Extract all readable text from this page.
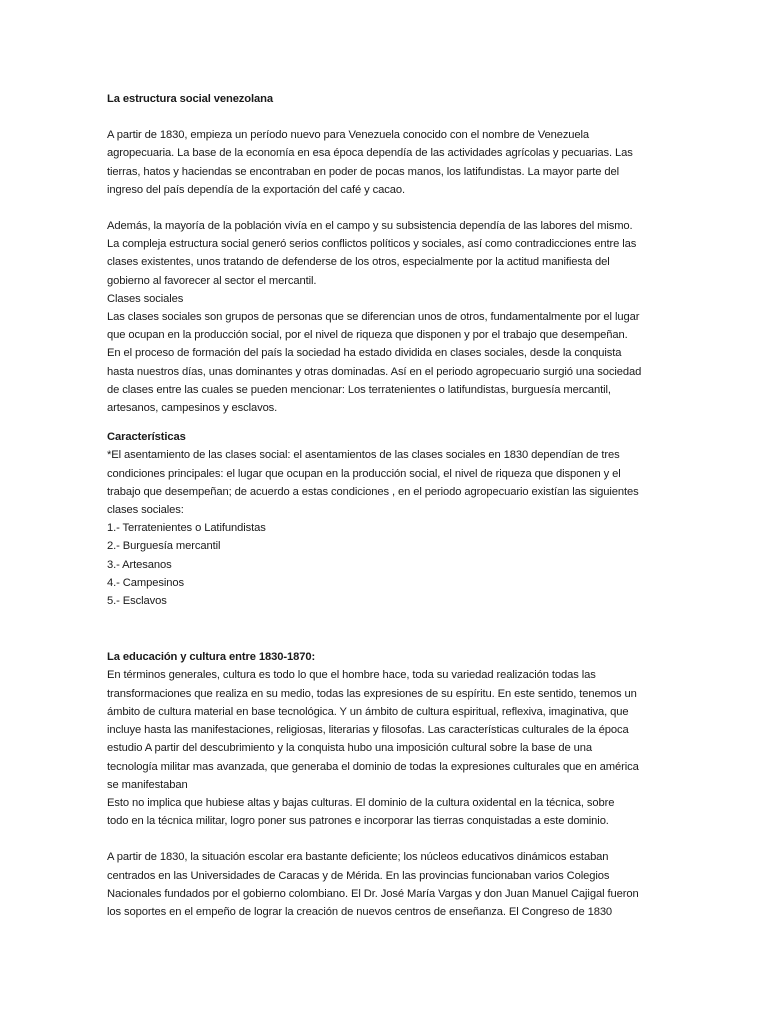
La estructura social venezolana
A partir de 1830, empieza un período nuevo para Venezuela conocido con el nombre de Venezuela
agropecuaria. La base de la economía en esa época dependía de las actividades agrícolas y pecuarias. Las
tierras, hatos y haciendas se encontraban en poder de pocas manos, los latifundistas. La mayor parte del
ingreso del país dependía de la exportación del café y cacao.
Además, la mayoría de la población vivía en el campo y su subsistencia dependía de las labores del mismo.
La compleja estructura social generó serios conflictos políticos y sociales, así como contradicciones entre las
clases existentes, unos tratando de defenderse de los otros, especialmente por la actitud manifiesta del
gobierno al favorecer al sector el mercantil.
Clases sociales
Las clases sociales son grupos de personas que se diferencian unos de otros, fundamentalmente por el lugar
que ocupan en la producción social, por el nivel de riqueza que disponen y por el trabajo que desempeñan.
En el proceso de formación del país la sociedad ha estado dividida en clases sociales, desde la conquista
hasta nuestros días, unas dominantes y otras dominadas. Así en el periodo agropecuario surgió una sociedad
de clases entre las cuales se pueden mencionar: Los terratenientes o latifundistas, burguesía mercantil,
artesanos, campesinos y esclavos.
Características
*El asentamiento de las clases social: el asentamientos de las clases sociales en 1830 dependían de tres
condiciones principales: el lugar que ocupan en la producción social, el nivel de riqueza que disponen y el
trabajo que desempeñan; de acuerdo a estas condiciones , en el periodo agropecuario existían las siguientes
clases sociales:
1.- Terratenientes o Latifundistas
2.- Burguesía mercantil
3.- Artesanos
4.- Campesinos
5.- Esclavos
La educación y cultura entre 1830-1870:
En términos generales, cultura es todo lo que el hombre hace, toda su variedad realización todas las
transformaciones que realiza en su medio, todas las expresiones de su espíritu. En este sentido, tenemos un
ámbito de cultura material en base tecnológica. Y un ámbito de cultura espiritual, reflexiva, imaginativa, que
incluye hasta las manifestaciones, religiosas, literarias y filosofas. Las características culturales de la época
estudio A partir del descubrimiento y la conquista hubo una imposición cultural sobre la base de una
tecnología militar mas avanzada, que generaba el dominio de todas la expresiones culturales que en américa
se manifestaban
Esto no implica que hubiese altas y bajas culturas. El dominio de la cultura oxidental en la técnica, sobre
todo en la técnica militar, logro poner sus patrones e incorporar las tierras conquistadas a este dominio.
A partir de 1830, la situación escolar era bastante deficiente; los núcleos educativos dinámicos estaban
centrados en las Universidades de Caracas y de Mérida. En las provincias funcionaban varios Colegios
Nacionales fundados por el gobierno colombiano. El Dr. José María Vargas y don Juan Manuel Cajigal fueron
los soportes en el empeño de lograr la creación de nuevos centros de enseñanza. El Congreso de 1830
